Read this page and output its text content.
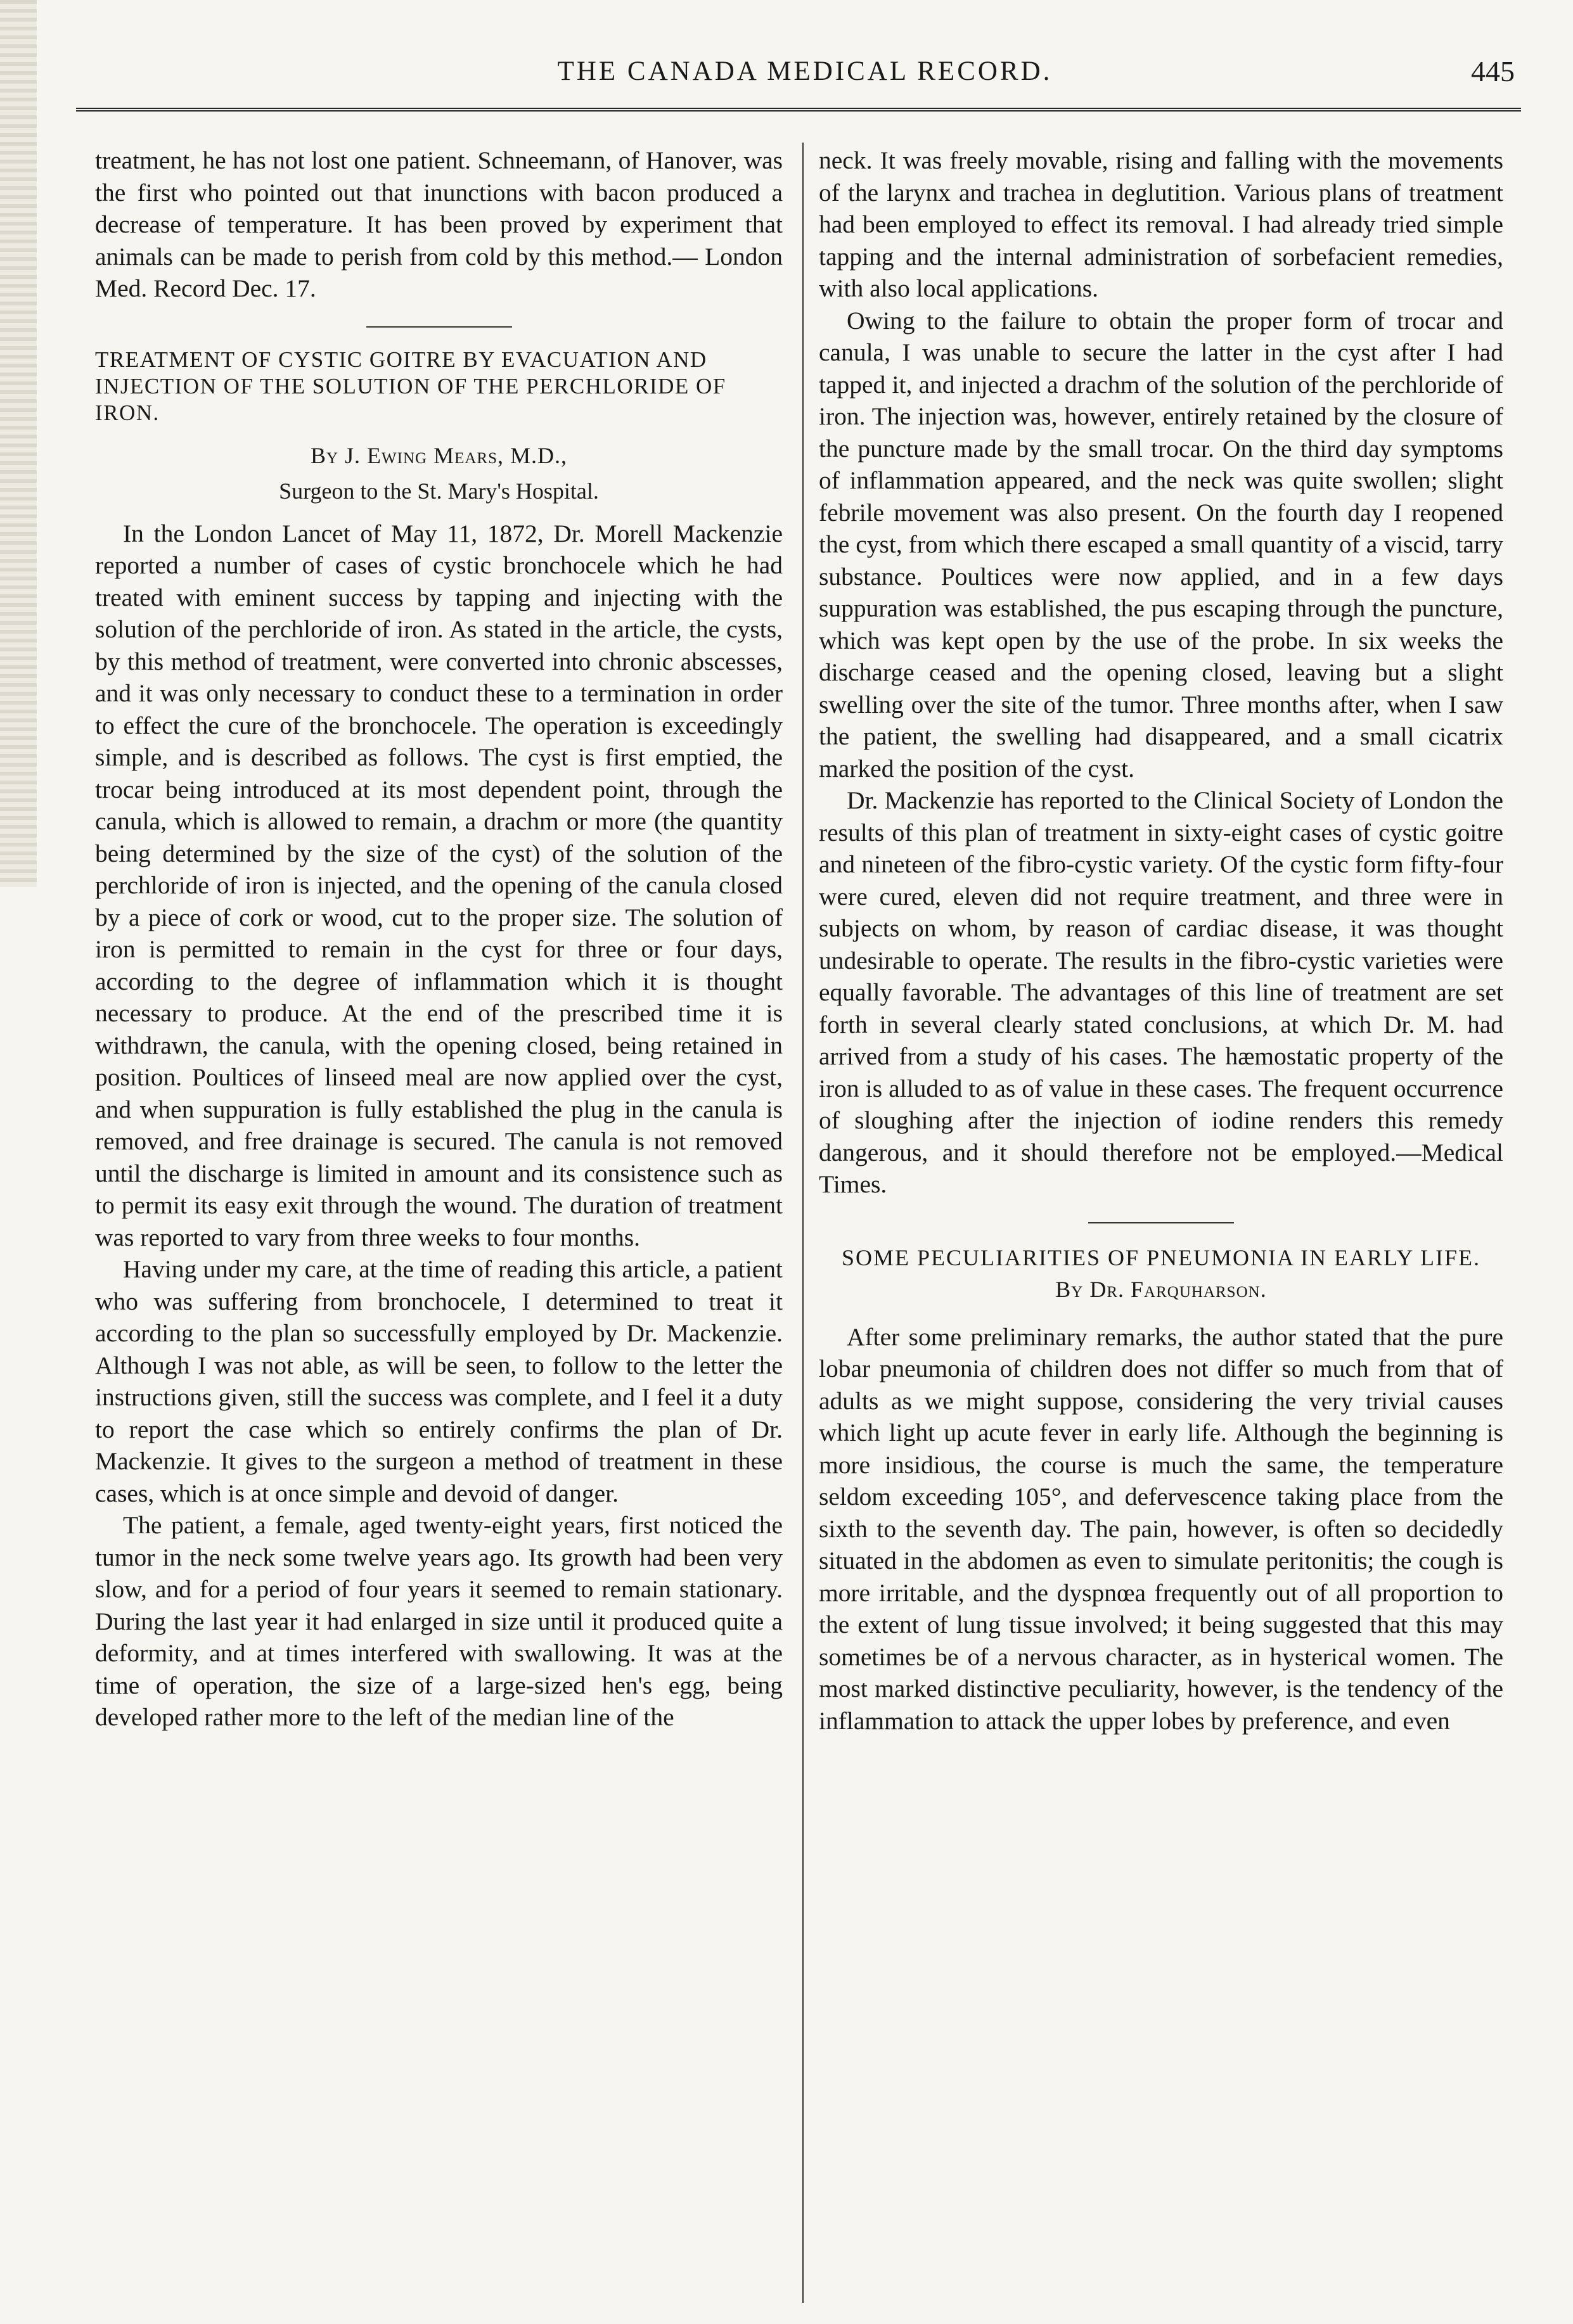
THE CANADA MEDICAL RECORD.	445

treatment, he has not lost one patient. Schneemann, of Hanover, was the first who pointed out that inunctions with bacon produced a decrease of temperature. It has been proved by experiment that animals can be made to perish from cold by this method.— London Med. Record Dec. 17.

TREATMENT OF CYSTIC GOITRE BY EVACUATION AND INJECTION OF THE SOLUTION OF THE PERCHLORIDE OF IRON.

By J. Ewing Mears, M.D.,
Surgeon to the St. Mary's Hospital.

In the London Lancet of May 11, 1872, Dr. Morell Mackenzie reported a number of cases of cystic bronchocele which he had treated with eminent success by tapping and injecting with the solution of the perchloride of iron. As stated in the article, the cysts, by this method of treatment, were converted into chronic abscesses, and it was only necessary to conduct these to a termination in order to effect the cure of the bronchocele. The operation is exceedingly simple, and is described as follows. The cyst is first emptied, the trocar being introduced at its most dependent point, through the canula, which is allowed to remain, a drachm or more (the quantity being determined by the size of the cyst) of the solution of the perchloride of iron is injected, and the opening of the canula closed by a piece of cork or wood, cut to the proper size. The solution of iron is permitted to remain in the cyst for three or four days, according to the degree of inflammation which it is thought necessary to produce. At the end of the prescribed time it is withdrawn, the canula, with the opening closed, being retained in position. Poultices of linseed meal are now applied over the cyst, and when suppuration is fully established the plug in the canula is removed, and free drainage is secured. The canula is not removed until the discharge is limited in amount and its consistence such as to permit its easy exit through the wound. The duration of treatment was reported to vary from three weeks to four months.

Having under my care, at the time of reading this article, a patient who was suffering from bronchocele, I determined to treat it according to the plan so successfully employed by Dr. Mackenzie. Although I was not able, as will be seen, to follow to the letter the instructions given, still the success was complete, and I feel it a duty to report the case which so entirely confirms the plan of Dr. Mackenzie. It gives to the surgeon a method of treatment in these cases, which is at once simple and devoid of danger.

The patient, a female, aged twenty-eight years, first noticed the tumor in the neck some twelve years ago. Its growth had been very slow, and for a period of four years it seemed to remain stationary. During the last year it had enlarged in size until it produced quite a deformity, and at times interfered with swallowing. It was at the time of operation, the size of a large-sized hen's egg, being developed rather more to the left of the median line of the

neck. It was freely movable, rising and falling with the movements of the larynx and trachea in deglutition. Various plans of treatment had been employed to effect its removal. I had already tried simple tapping and the internal administration of sorbefacient remedies, with also local applications.

Owing to the failure to obtain the proper form of trocar and canula, I was unable to secure the latter in the cyst after I had tapped it, and injected a drachm of the solution of the perchloride of iron. The injection was, however, entirely retained by the closure of the puncture made by the small trocar. On the third day symptoms of inflammation appeared, and the neck was quite swollen; slight febrile movement was also present. On the fourth day I reopened the cyst, from which there escaped a small quantity of a viscid, tarry substance. Poultices were now applied, and in a few days suppuration was established, the pus escaping through the puncture, which was kept open by the use of the probe. In six weeks the discharge ceased and the opening closed, leaving but a slight swelling over the site of the tumor. Three months after, when I saw the patient, the swelling had disappeared, and a small cicatrix marked the position of the cyst.

Dr. Mackenzie has reported to the Clinical Society of London the results of this plan of treatment in sixty-eight cases of cystic goitre and nineteen of the fibro-cystic variety. Of the cystic form fifty-four were cured, eleven did not require treatment, and three were in subjects on whom, by reason of cardiac disease, it was thought undesirable to operate. The results in the fibro-cystic varieties were equally favorable. The advantages of this line of treatment are set forth in several clearly stated conclusions, at which Dr. M. had arrived from a study of his cases. The hæmostatic property of the iron is alluded to as of value in these cases. The frequent occurrence of sloughing after the injection of iodine renders this remedy dangerous, and it should therefore not be employed.—Medical Times.

SOME PECULIARITIES OF PNEUMONIA IN EARLY LIFE.
By Dr. Farquharson.

After some preliminary remarks, the author stated that the pure lobar pneumonia of children does not differ so much from that of adults as we might suppose, considering the very trivial causes which light up acute fever in early life. Although the beginning is more insidious, the course is much the same, the temperature seldom exceeding 105°, and defervescence taking place from the sixth to the seventh day. The pain, however, is often so decidedly situated in the abdomen as even to simulate peritonitis; the cough is more irritable, and the dyspnœa frequently out of all proportion to the extent of lung tissue involved; it being suggested that this may sometimes be of a nervous character, as in hysterical women. The most marked distinctive peculiarity, however, is the tendency of the inflammation to attack the upper lobes by preference, and even
